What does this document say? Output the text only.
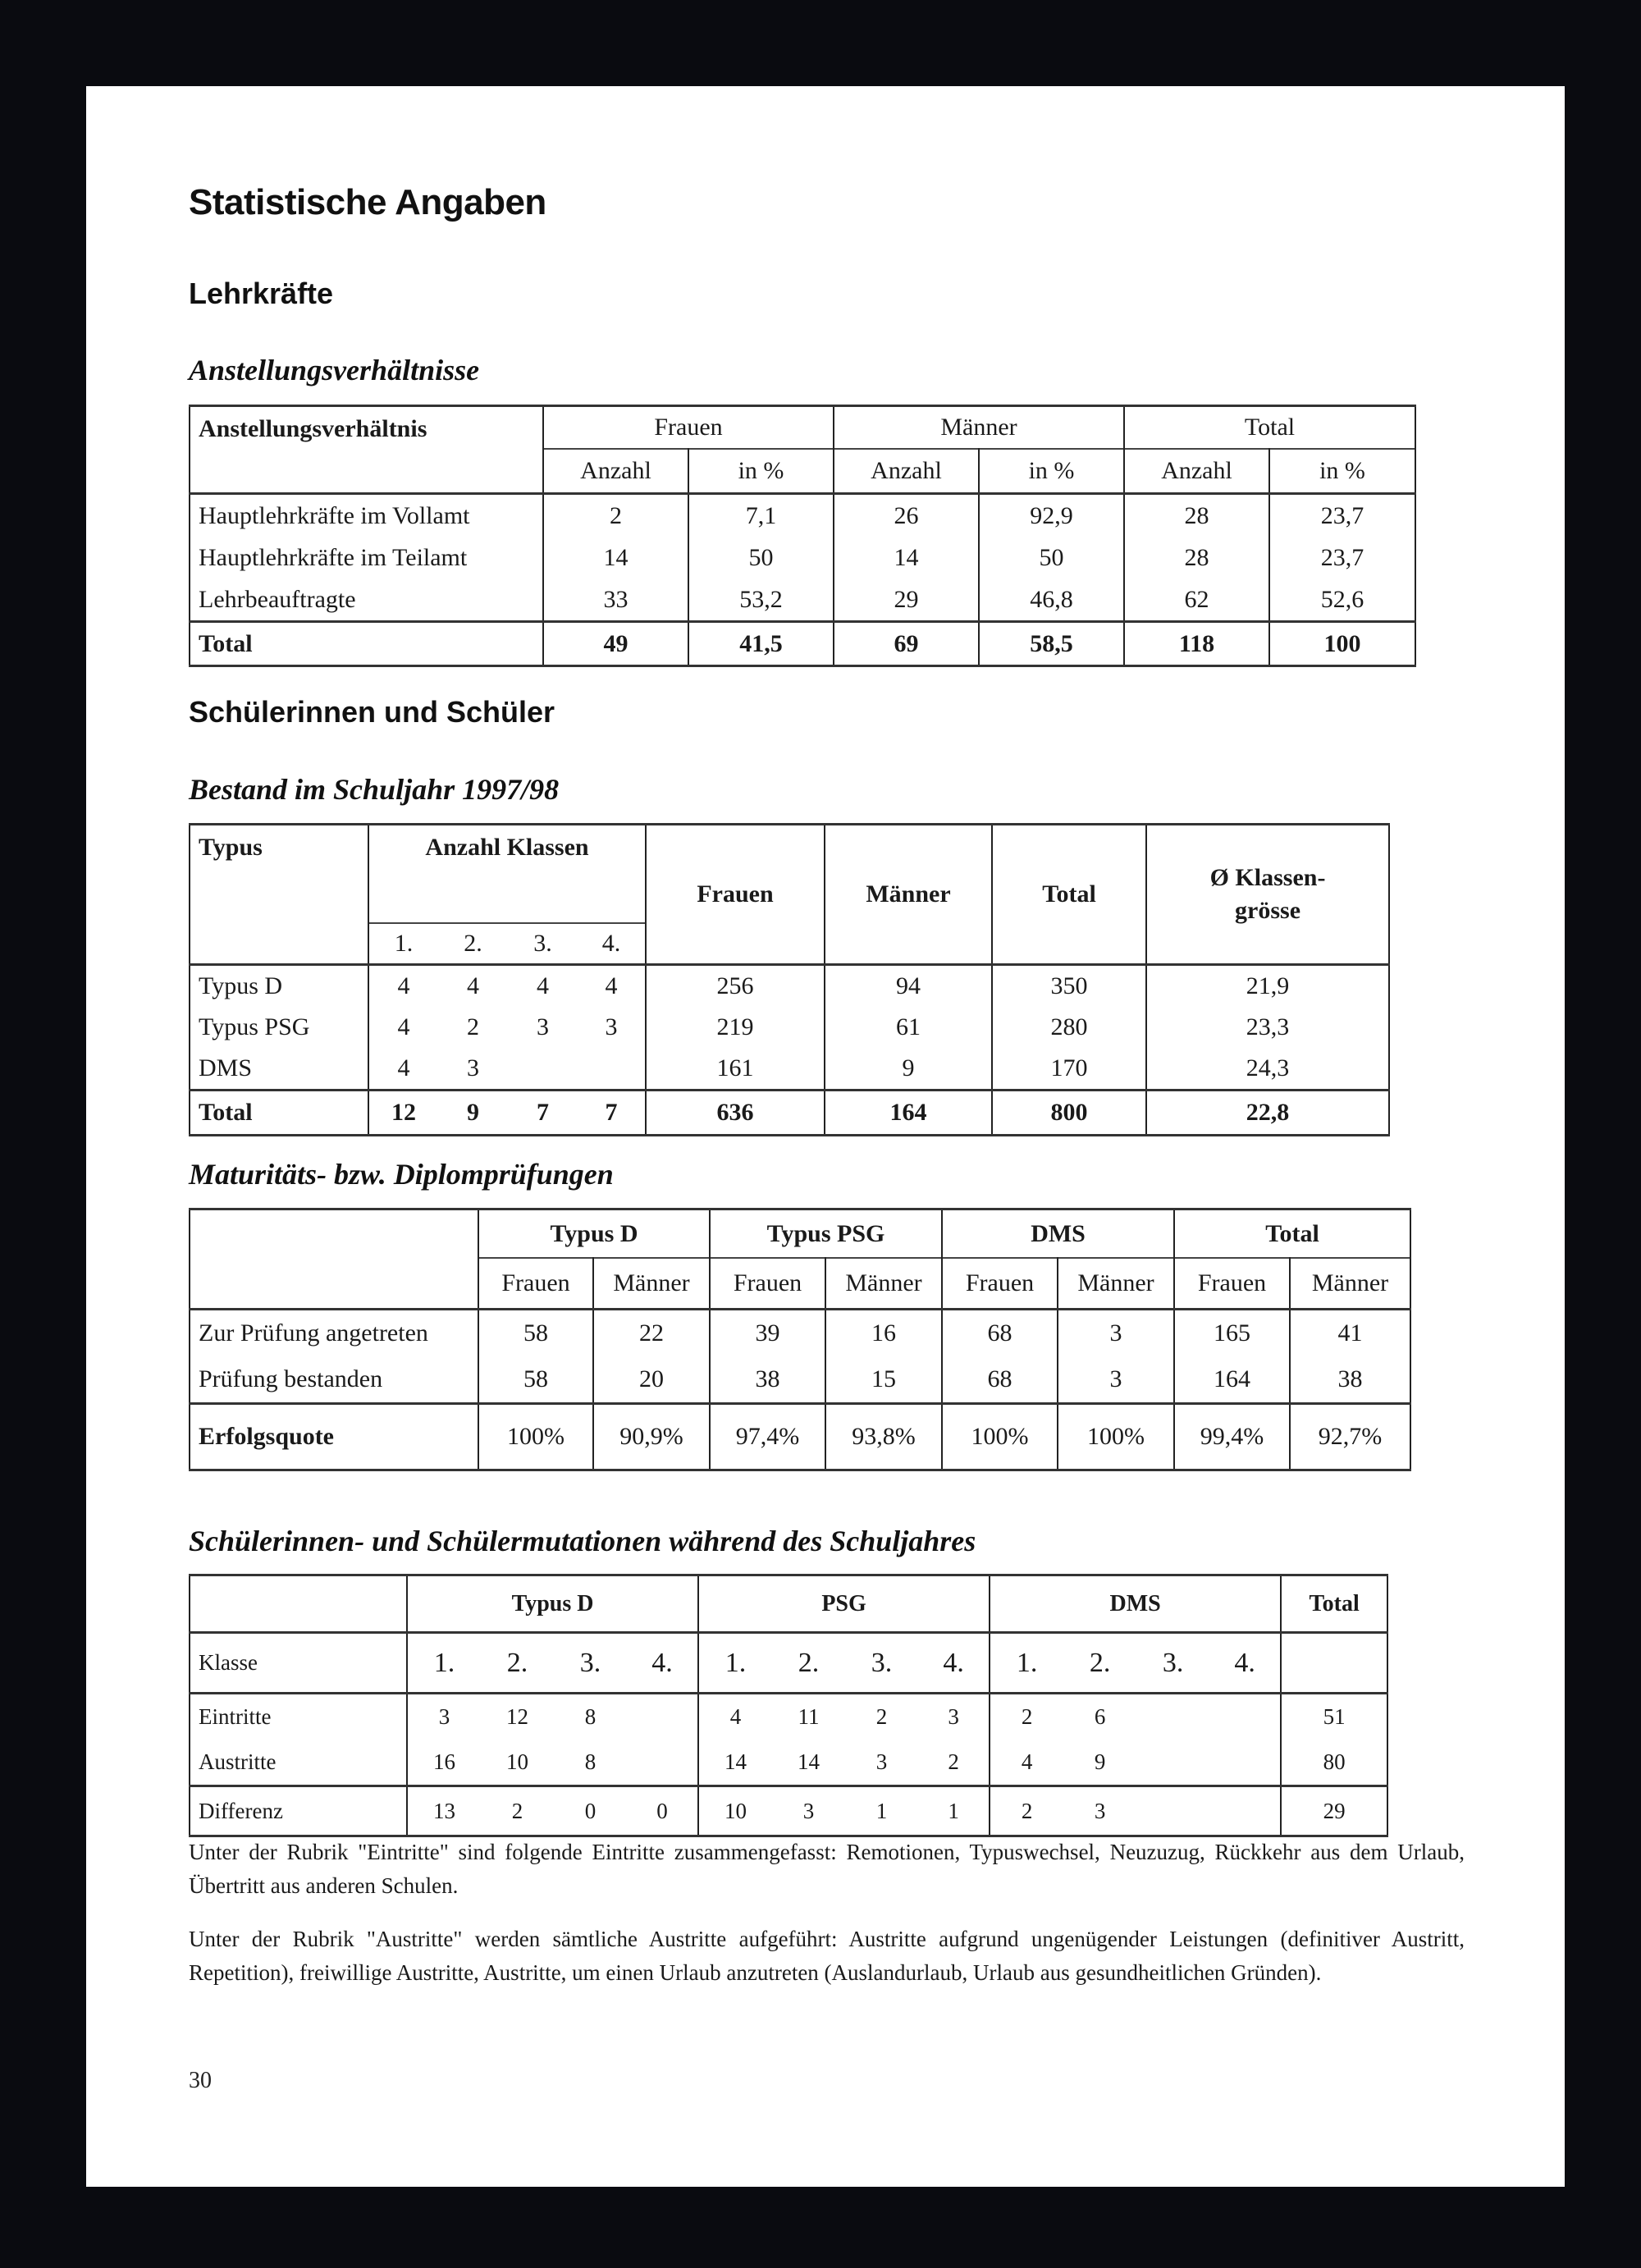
Statistische Angaben
Lehrkräfte
Anstellungsverhältnisse
Anstellungsverhältnis	Frauen		Männer		Total	
	Anzahl	in %	Anzahl	in %	Anzahl	in %
Hauptlehrkräfte im Vollamt	2	7,1	26	92,9	28	23,7
Hauptlehrkräfte im Teilamt	14	50	14	50	28	23,7
Lehrbeauftragte	33	53,2	29	46,8	62	52,6
Total	49	41,5	69	58,5	118	100
Schülerinnen und Schüler
Bestand im Schuljahr 1997/98
Typus	Anzahl Klassen				Frauen	Männer	Total	Ø Klassen-
grösse
	1.	2.	3.	4.				
Typus D	4	4	4	4	256	94	350	21,9
Typus PSG	4	2	3	3	219	61	280	23,3
DMS	4	3			161	9	170	24,3
Total	12	9	7	7	636	164	800	22,8
Maturitäts- bzw. Diplomprüfungen
	Typus D		Typus PSG		DMS		Total	
	Frauen	Männer	Frauen	Männer	Frauen	Männer	Frauen	Männer
Zur Prüfung angetreten	58	22	39	16	68	3	165	41
Prüfung bestanden	58	20	38	15	68	3	164	38
Erfolgsquote	100%	90,9%	97,4%	93,8%	100%	100%	99,4%	92,7%
Schülerinnen- und Schülermutationen während des Schuljahres
	Typus D				PSG				DMS				Total
Klasse	1.	2.	3.	4.	1.	2.	3.	4.	1.	2.	3.	4.	
Eintritte	3	12	8		4	11	2	3	2	6			51
Austritte	16	10	8		14	14	3	2	4	9			80
Differenz	13	2	0	0	10	3	1	1	2	3			29

Unter der Rubrik "Eintritte" sind folgende Eintritte zusammengefasst: Remotionen, Typuswechsel, Neuzuzug, Rückkehr aus dem Urlaub, Übertritt aus anderen Schulen.

Unter der Rubrik "Austritte" werden sämtliche Austritte aufgeführt: Austritte aufgrund ungenügender Leistungen (definitiver Austritt, Repetition), freiwillige Austritte, Austritte, um einen Urlaub anzutreten (Auslandurlaub, Urlaub aus gesundheitlichen Gründen).

30
